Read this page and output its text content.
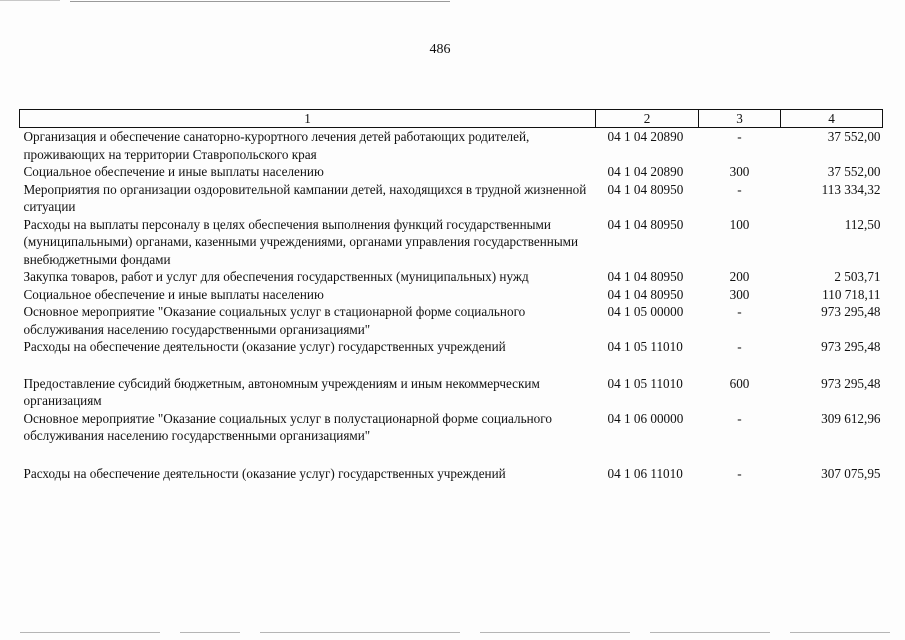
486
1	2	3	4
Организация и обеспечение санаторно-курортного лечения детей работающих родителей, проживающих на территории Ставропольского края	04 1 04 20890	-	37 552,00
Социальное обеспечение и иные выплаты населению	04 1 04 20890	300	37 552,00
Мероприятия по организации оздоровительной кампании детей, находящихся в трудной жизненной ситуации	04 1 04 80950	-	113 334,32
Расходы на выплаты персоналу в целях обеспечения выполнения функций государственными (муниципальными) органами, казенными учреждениями, органами управления государственными внебюджетными фондами	04 1 04 80950	100	112,50
Закупка товаров, работ и услуг для обеспечения государственных (муниципальных) нужд	04 1 04 80950	200	2 503,71
Социальное обеспечение и иные выплаты населению	04 1 04 80950	300	110 718,11
Основное мероприятие "Оказание социальных услуг в стационарной форме социального обслуживания населению государственными организациями"	04 1 05 00000	-	973 295,48
Расходы на обеспечение деятельности (оказание услуг) государственных учреждений	04 1 05 11010	-	973 295,48
Предоставление субсидий бюджетным, автономным учреждениям и иным некоммерческим организациям	04 1 05 11010	600	973 295,48
Основное мероприятие "Оказание социальных услуг в полустационарной форме социального обслуживания населению государственными организациями"	04 1 06 00000	-	309 612,96
Расходы на обеспечение деятельности (оказание услуг) государственных учреждений	04 1 06 11010	-	307 075,95
